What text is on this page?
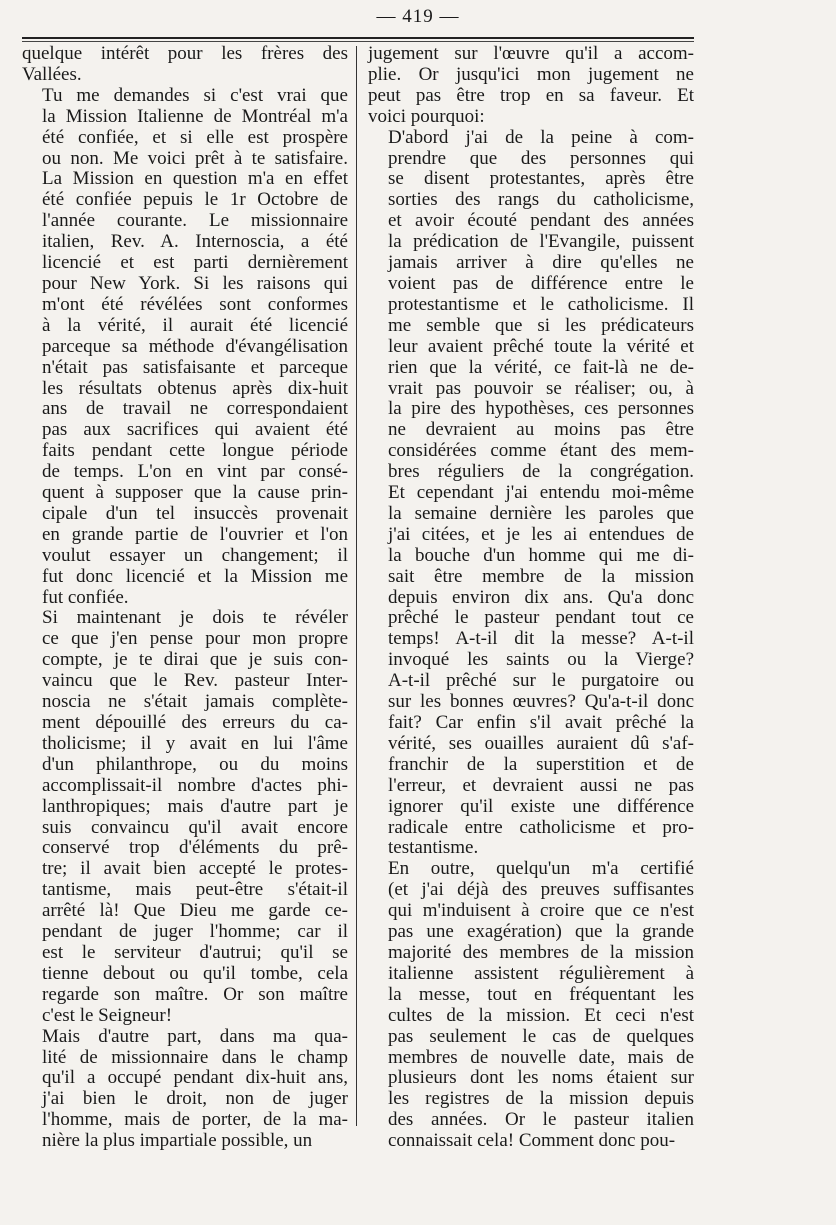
— 419 —

quelque intérêt pour les frères des
Vallées.

Tu me demandes si c'est vrai que
la Mission Italienne de Montréal m'a
été confiée, et si elle est prospère
ou non. Me voici prêt à te satisfaire.
La Mission en question m'a en effet
été confiée pepuis le 1r Octobre de
l'année courante. Le missionnaire
italien, Rev. A. Internoscia, a été
licencié et est parti dernièrement
pour New York. Si les raisons qui
m'ont été révélées sont conformes
à la vérité, il aurait été licencié
parceque sa méthode d'évangélisation
n'était pas satisfaisante et parceque
les résultats obtenus après dix-huit
ans de travail ne correspondaient
pas aux sacrifices qui avaient été
faits pendant cette longue période
de temps. L'on en vint par consé-
quent à supposer que la cause prin-
cipale d'un tel insuccès provenait
en grande partie de l'ouvrier et l'on
voulut essayer un changement; il
fut donc licencié et la Mission me
fut confiée.

Si maintenant je dois te révéler
ce que j'en pense pour mon propre
compte, je te dirai que je suis con-
vaincu que le Rev. pasteur Inter-
noscia ne s'était jamais complète-
ment dépouillé des erreurs du ca-
tholicisme; il y avait en lui l'âme
d'un philanthrope, ou du moins
accomplissait-il nombre d'actes phi-
lanthropiques; mais d'autre part je
suis convaincu qu'il avait encore
conservé trop d'éléments du prê-
tre; il avait bien accepté le protes-
tantisme, mais peut-être s'était-il
arrêté là! Que Dieu me garde ce-
pendant de juger l'homme; car il
est le serviteur d'autrui; qu'il se
tienne debout ou qu'il tombe, cela
regarde son maître. Or son maître
c'est le Seigneur!

Mais d'autre part, dans ma qua-
lité de missionnaire dans le champ
qu'il a occupé pendant dix-huit ans,
j'ai bien le droit, non de juger
l'homme, mais de porter, de la ma-
nière la plus impartiale possible, un

jugement sur l'œuvre qu'il a accom-
plie. Or jusqu'ici mon jugement ne
peut pas être trop en sa faveur. Et
voici pourquoi:

D'abord j'ai de la peine à com-
prendre que des personnes qui
se disent protestantes, après être
sorties des rangs du catholicisme,
et avoir écouté pendant des années
la prédication de l'Evangile, puissent
jamais arriver à dire qu'elles ne
voient pas de différence entre le
protestantisme et le catholicisme. Il
me semble que si les prédicateurs
leur avaient prêché toute la vérité et
rien que la vérité, ce fait-là ne de-
vrait pas pouvoir se réaliser; ou, à
la pire des hypothèses, ces personnes
ne devraient au moins pas être
considérées comme étant des mem-
bres réguliers de la congrégation.
Et cependant j'ai entendu moi-même
la semaine dernière les paroles que
j'ai citées, et je les ai entendues de
la bouche d'un homme qui me di-
sait être membre de la mission
depuis environ dix ans. Qu'a donc
prêché le pasteur pendant tout ce
temps! A-t-il dit la messe? A-t-il
invoqué les saints ou la Vierge?
A-t-il prêché sur le purgatoire ou
sur les bonnes œuvres? Qu'a-t-il donc
fait? Car enfin s'il avait prêché la
vérité, ses ouailles auraient dû s'af-
franchir de la superstition et de
l'erreur, et devraient aussi ne pas
ignorer qu'il existe une différence
radicale entre catholicisme et pro-
testantisme.

En outre, quelqu'un m'a certifié
(et j'ai déjà des preuves suffisantes
qui m'induisent à croire que ce n'est
pas une exagération) que la grande
majorité des membres de la mission
italienne assistent régulièrement à
la messe, tout en fréquentant les
cultes de la mission. Et ceci n'est
pas seulement le cas de quelques
membres de nouvelle date, mais de
plusieurs dont les noms étaient sur
les registres de la mission depuis
des années. Or le pasteur italien
connaissait cela! Comment donc pou-
